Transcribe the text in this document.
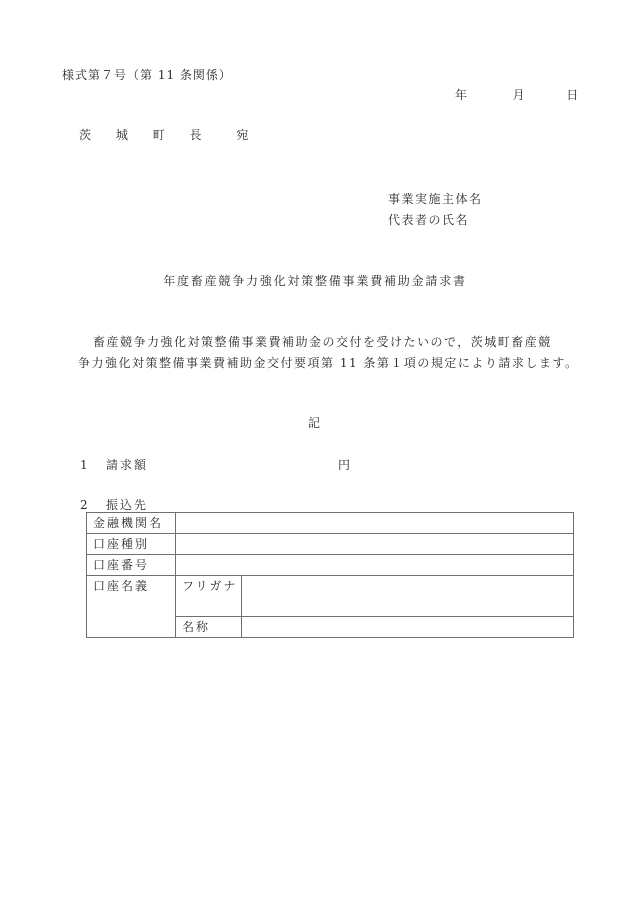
様式第７号（第 11 条関係）
年	月	日
茨 城 町 長	宛
事業実施主体名
代表者の氏名
年度畜産競争力強化対策整備事業費補助金請求書
畜産競争力強化対策整備事業費補助金の交付を受けたいので，茨城町畜産競
争力強化対策整備事業費補助金交付要項第 11 条第１項の規定により請求します。
記
1 請求額	円
2 振込先
金融機関名		
口座種別		
口座番号		
口座名義	フリガナ	
	名称	
